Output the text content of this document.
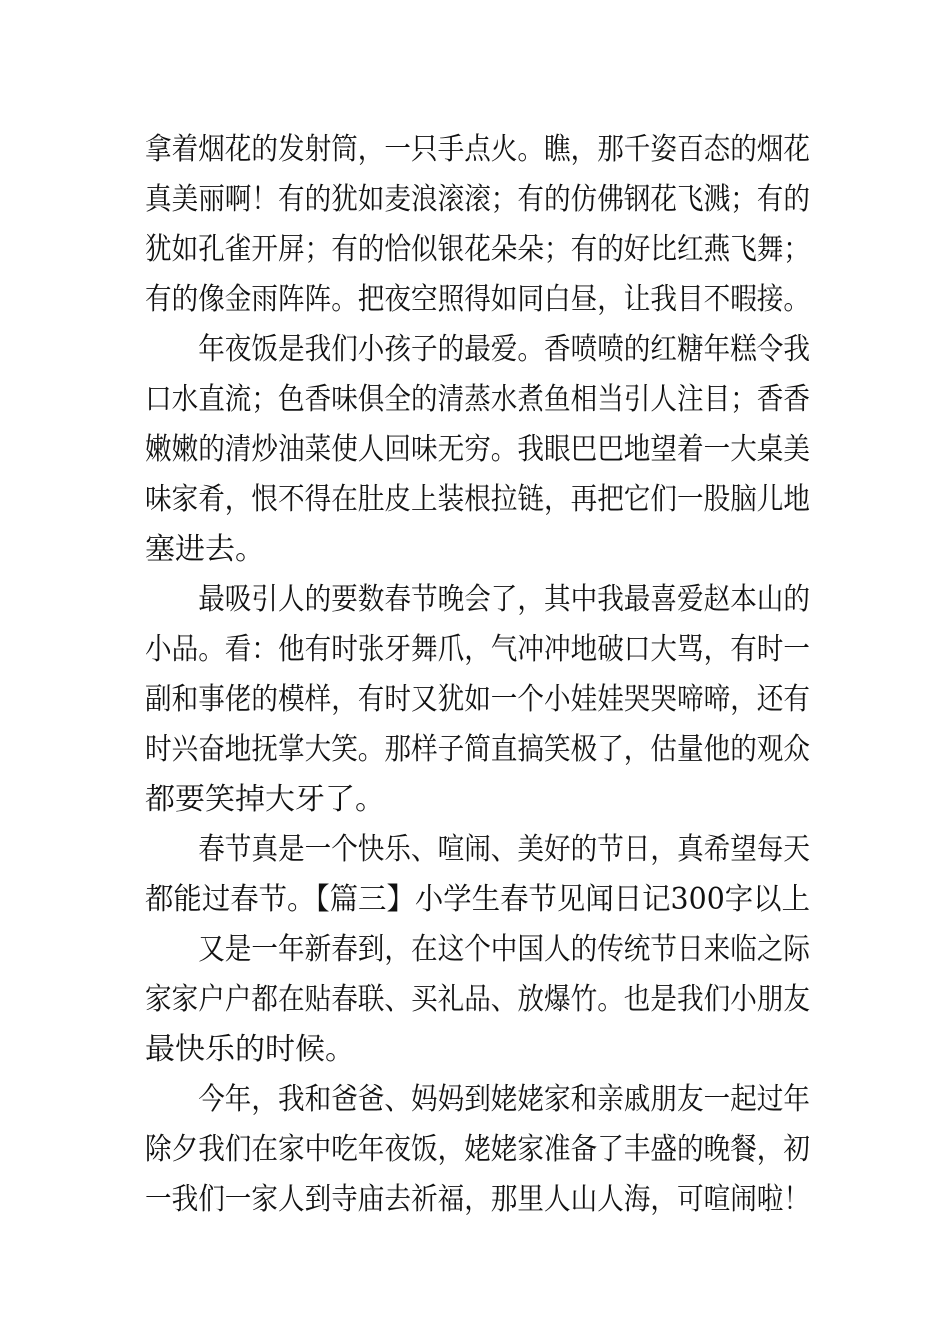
拿着烟花的发射筒，一只手点火。瞧，那千姿百态的烟花
真美丽啊！有的犹如麦浪滚滚；有的仿佛钢花飞溅；有的
犹如孔雀开屏；有的恰似银花朵朵；有的好比红燕飞舞；
有的像金雨阵阵。把夜空照得如同白昼，让我目不暇接。
　　年夜饭是我们小孩子的最爱。香喷喷的红糖年糕令我
口水直流；色香味俱全的清蒸水煮鱼相当引人注目；香香
嫩嫩的清炒油菜使人回味无穷。我眼巴巴地望着一大桌美
味家肴，恨不得在肚皮上装根拉链，再把它们一股脑儿地
塞进去。
　　最吸引人的要数春节晚会了，其中我最喜爱赵本山的
小品。看：他有时张牙舞爪，气冲冲地破口大骂，有时一
副和事佬的模样，有时又犹如一个小娃娃哭哭啼啼，还有
时兴奋地抚掌大笑。那样子简直搞笑极了，估量他的观众
都要笑掉大牙了。
　　春节真是一个快乐、喧闹、美好的节日，真希望每天
都能过春节。【篇三】小学生春节见闻日记300字以上
　　又是一年新春到，在这个中国人的传统节日来临之际
家家户户都在贴春联、买礼品、放爆竹。也是我们小朋友
最快乐的时候。
　　今年，我和爸爸、妈妈到姥姥家和亲戚朋友一起过年
除夕我们在家中吃年夜饭，姥姥家准备了丰盛的晚餐，初
一我们一家人到寺庙去祈福，那里人山人海，可喧闹啦！
